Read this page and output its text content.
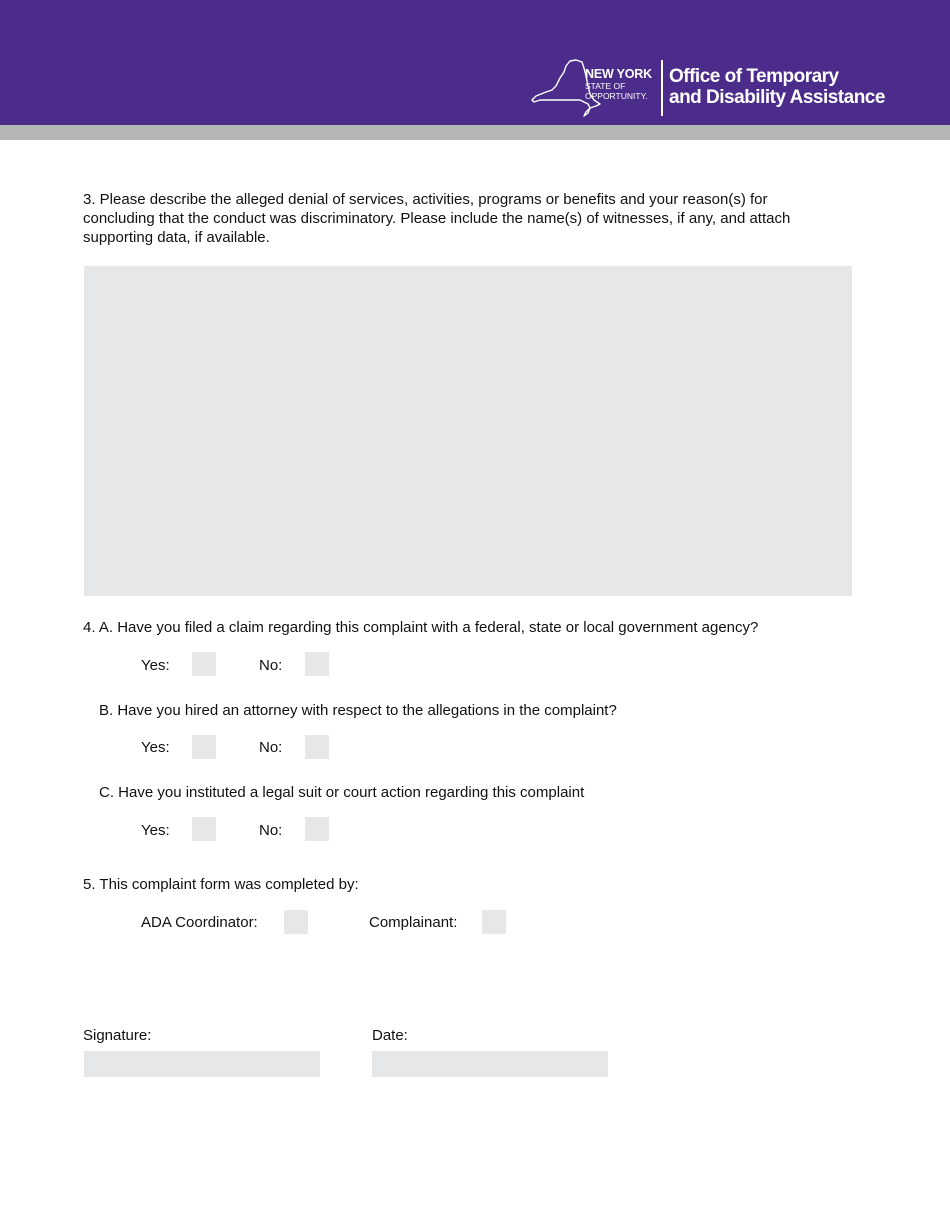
NEW YORK
STATE OF
OPPORTUNITY.
Office of Temporary
and Disability Assistance
3. Please describe the alleged denial of services, activities, programs or benefits and your reason(s) for concluding that the conduct was discriminatory. Please include the name(s) of witnesses, if any, and attach supporting data, if available.
4. A. Have you filed a claim regarding this complaint with a federal, state or local government agency?
Yes:	No:
B. Have you hired an attorney with respect to the allegations in the complaint?
Yes:	No:
C. Have you instituted a legal suit or court action regarding this complaint
Yes:	No:
5. This complaint form was completed by:
ADA Coordinator:	Complainant:
Signature:	Date:
